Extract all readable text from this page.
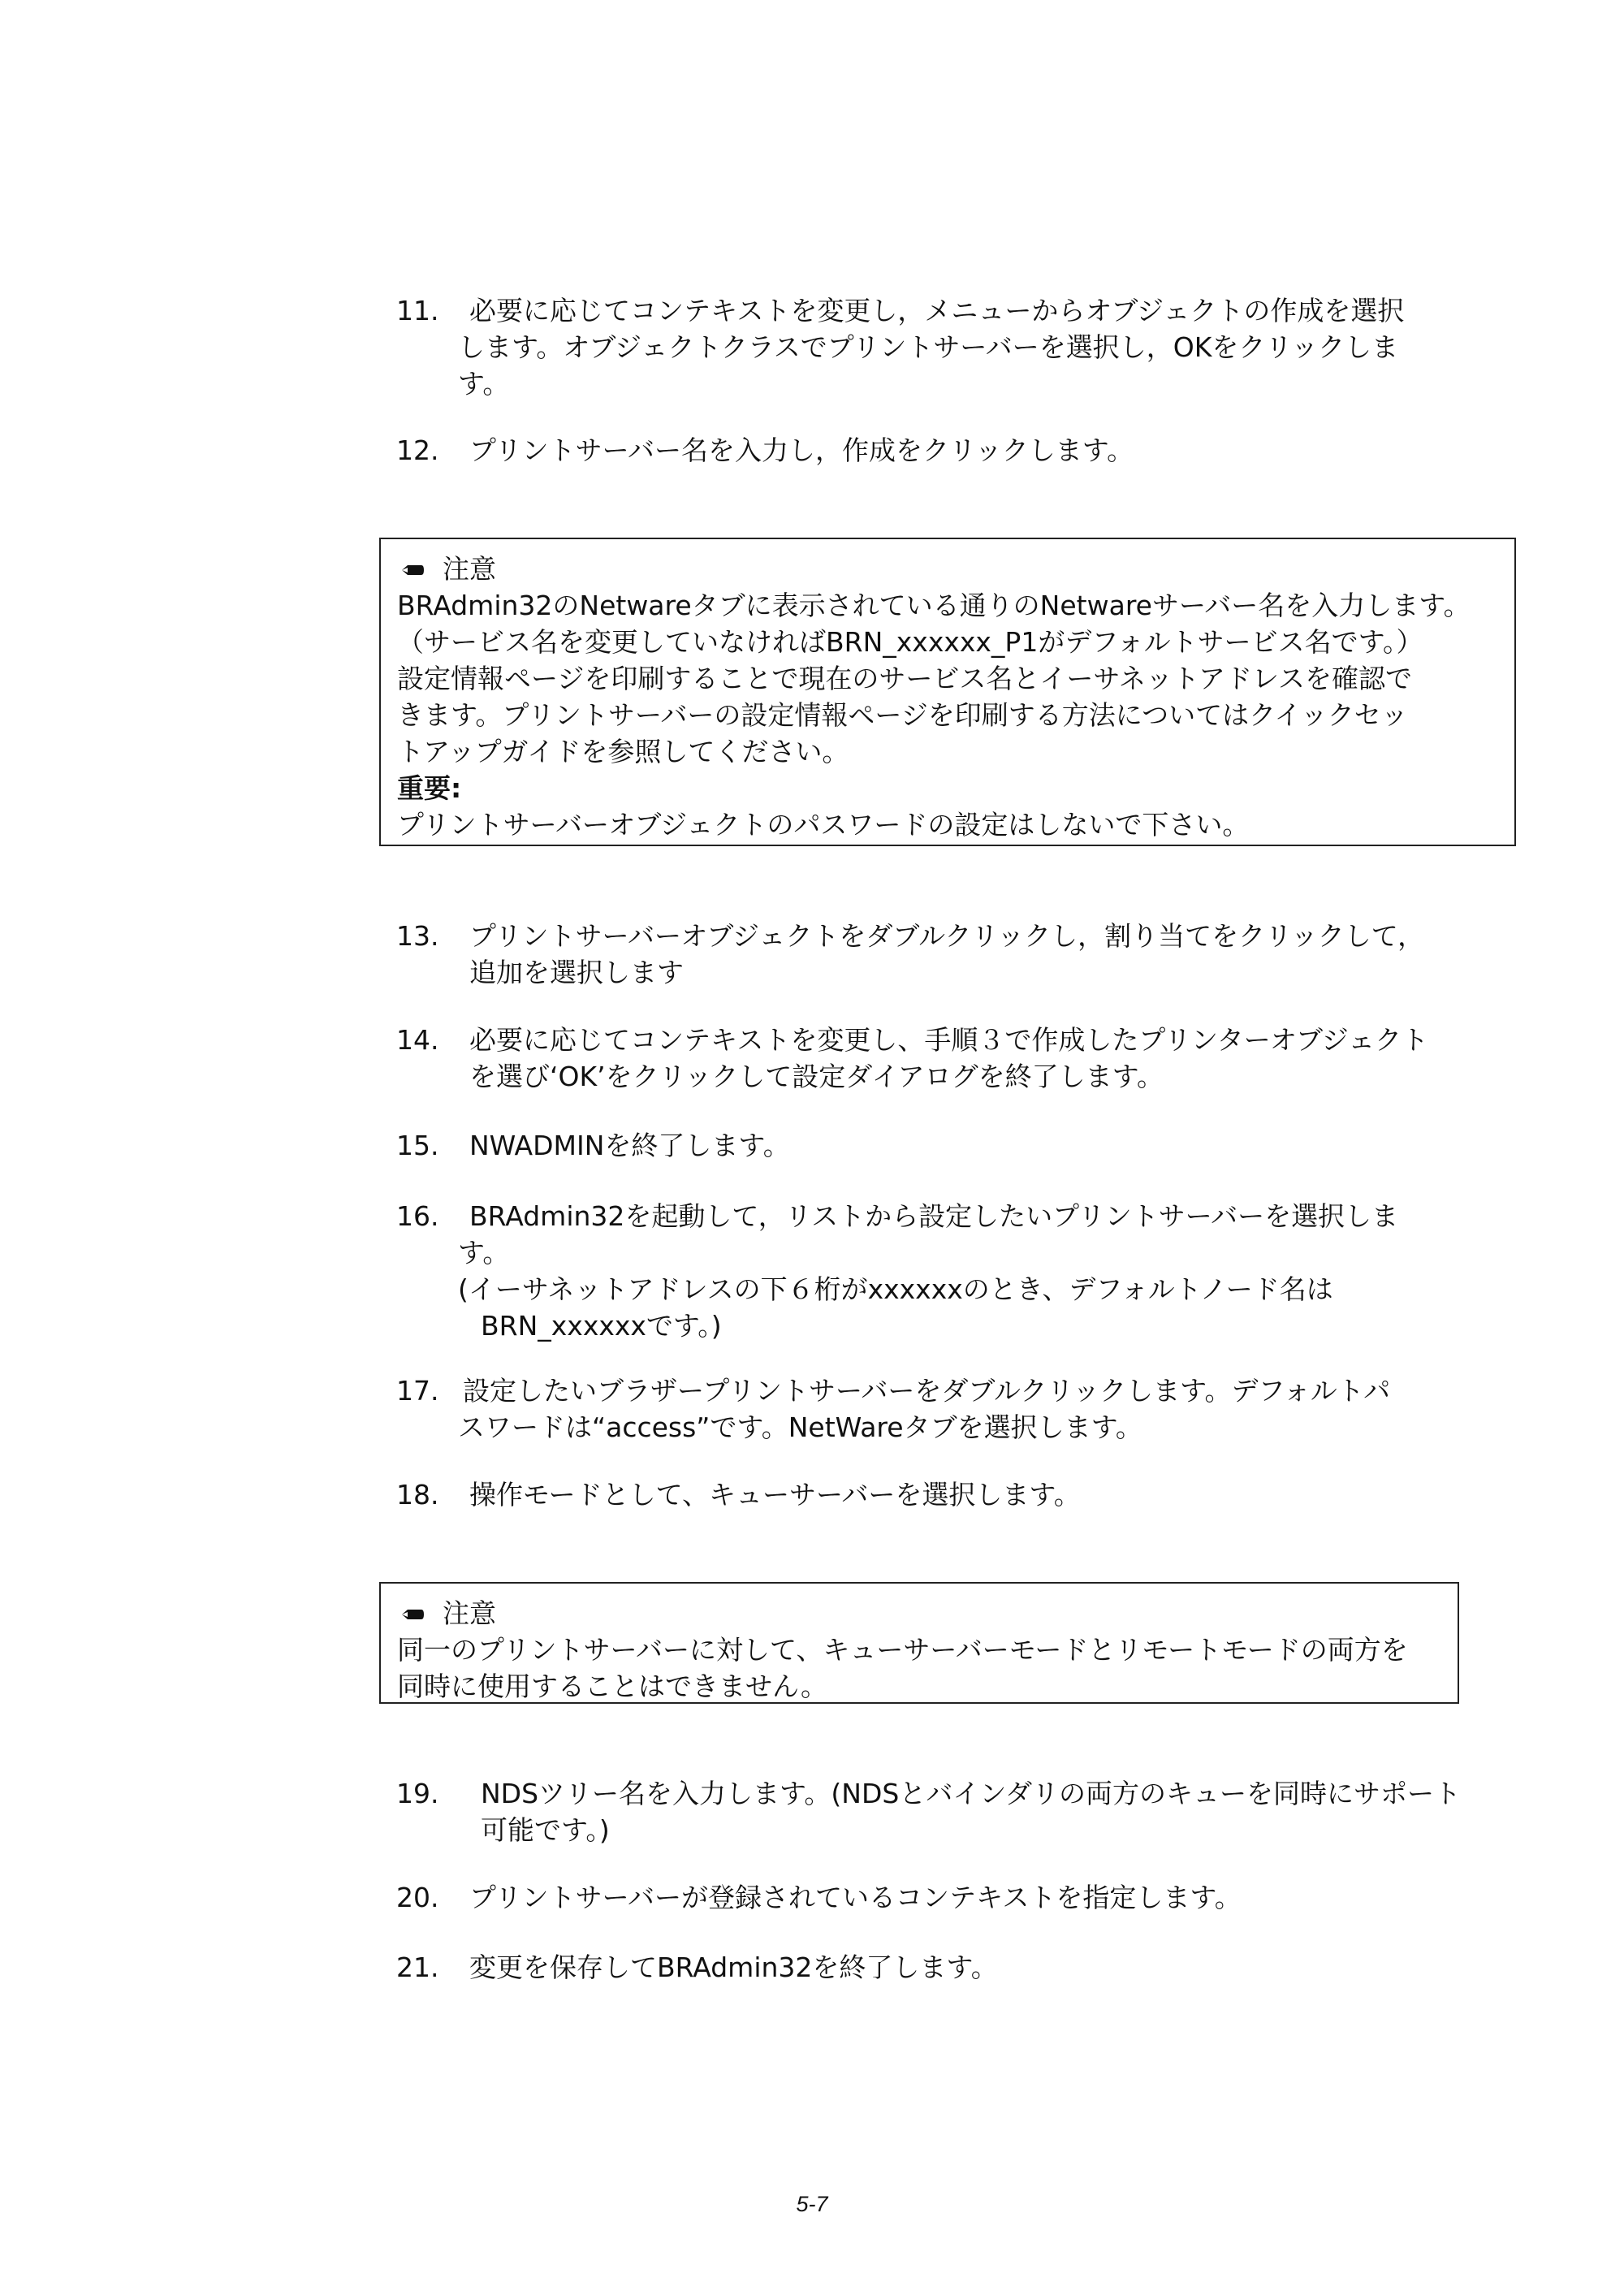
11.	必要に応じてコンテキストを変更し，メニューからオブジェクトの作成を選択
します。オブジェクトクラスでプリントサーバーを選択し，OKをクリックしま
す。
12.	プリントサーバー名を入力し，作成をクリックします。
注意
BRAdmin32のNetwareタブに表示されている通りのNetwareサーバー名を入力します。
（サービス名を変更していなければBRN_xxxxxx_P1がデフォルトサービス名です。）
設定情報ページを印刷することで現在のサービス名とイーサネットアドレスを確認で
きます。プリントサーバーの設定情報ページを印刷する方法についてはクイックセッ
トアップガイドを参照してください。
重要:
プリントサーバーオブジェクトのパスワードの設定はしないで下さい。
13.	プリントサーバーオブジェクトをダブルクリックし，割り当てをクリックして，
追加を選択します
14.	必要に応じてコンテキストを変更し、手順３で作成したプリンターオブジェクト
を選び‘OK’をクリックして設定ダイアログを終了します。
15.	NWADMINを終了します。
16.	BRAdmin32を起動して，リストから設定したいプリントサーバーを選択しま
す。
(イーサネットアドレスの下６桁がxxxxxxのとき、デフォルトノード名は
BRN_xxxxxxです。)
17. 設定したいブラザープリントサーバーをダブルクリックします。デフォルトパ
スワードは“access”です。NetWareタブを選択します。
18.	操作モードとして、キューサーバーを選択します。
注意
同一のプリントサーバーに対して、キューサーバーモードとリモートモードの両方を
同時に使用することはできません。
19.	NDSツリー名を入力します。(NDSとバインダリの両方のキューを同時にサポート
可能です。)
20.	プリントサーバーが登録されているコンテキストを指定します。
21.	変更を保存してBRAdmin32を終了します。
5-7
